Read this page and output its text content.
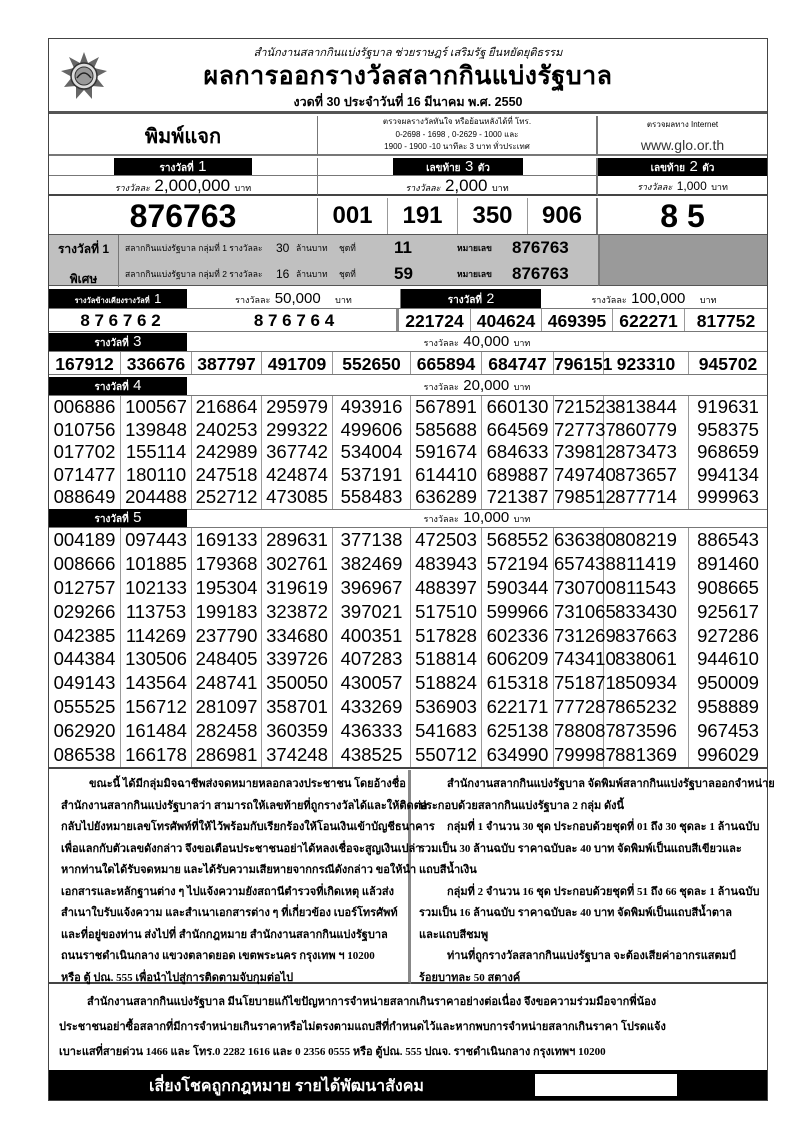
สำนักงานสลากกินแบ่งรัฐบาล ช่วยราษฎร์ เสริมรัฐ ยืนหยัดยุติธรรม
ผลการออกรางวัลสลากกินแบ่งรัฐบาล
งวดที่ 30 ประจำวันที่ 16 มีนาคม พ.ศ. 2550
พิมพ์แจก
ตรวจผลรางวัลทันใจ หรือย้อนหลังได้ที่ โทร.
0-2698 - 1698 , 0-2629 - 1000 และ
1900 - 1900 -10 นาทีละ 3 บาท ทั่วประเทศ
ตรวจผลทาง Internet
www.glo.or.th
รางวัลที่ 1	เลขท้าย 3 ตัว	เลขท้าย 2 ตัว
รางวัลละ 2,000,000 บาท	รางวัลละ 2,000 บาท	รางวัลละ 1,000 บาท
876763	001	191	350	906	8 5
รางวัลที่ 1
พิเศษ
สลากกินแบ่งรัฐบาล กลุ่มที่ 1 รางวัลละ 30 ล้านบาท ชุดที่ 11	หมายเลข 876763
สลากกินแบ่งรัฐบาล กลุ่มที่ 2 รางวัลละ 16 ล้านบาท ชุดที่ 59	หมายเลข 876763
รางวัลข้างเคียงรางวัลที่ 1	รางวัลละ 50,000 บาท	รางวัลที่ 2	รางวัลละ 100,000 บาท
8 7 6 7 6 2	8 7 6 7 6 4	221724 404624 469395 622271	817752
รางวัลที่ 3	รางวัลละ 40,000 บาท
167912 336676 387797 491709 552650 665894 684747 796151 923310	945702
รางวัลที่ 4	รางวัลละ 20,000 บาท
006886 100567 216864 295979 493916 567891 660130 721523 813844	919631
010756 139848 240253 299322 499606 585688 664569 727737 860779	958375
017702 155114 242989 367742 534004 591674 684633 739812 873473	968659
071477 180110 247518 424874 537191 614410 689887 749740 873657	994134
088649 204488 252712 473085 558483 636289 721387 798512 877714	999963
รางวัลที่ 5	รางวัลละ 10,000 บาท
004189 097443 169133 289631 377138 472503 568552 636380 808219	886543
008666 101885 179368 302761 382469 483943 572194 657438 811419	891460
012757 102133 195304 319619 396967 488397 590344 730700 811543	908665
029266 113753 199183 323872 397021 517510 599966 731065 833430	925617
042385 114269 237790 334680 400351 517828 602336 731269 837663	927286
044384 130506 248405 339726 407283 518814 606209 743410 838061	944610
049143 143564 248741 350050 430057 518824 615318 751871 850934	950009
055525 156712 281097 358701 433269 536903 622171 777287 865232	958889
062920 161484 282458 360359 436333 541683 625138 788087 873596	967453
086538 166178 286981 374248 438525 550712 634990 799987 881369	996029

ขณะนี้ ได้มีกลุ่มมิจฉาชีพส่งจดหมายหลอกลวงประชาชน โดยอ้างชื่อ

สำนักงานสลากกินแบ่งรัฐบาลว่า สามารถให้เลขท้ายที่ถูกรางวัลได้และให้ติดต่อ

กลับไปยังหมายเลขโทรศัพท์ที่ให้ไว้พร้อมกับเรียกร้องให้โอนเงินเข้าบัญชีธนาคาร

เพื่อแลกกับตัวเลขดังกล่าว จึงขอเตือนประชาชนอย่าได้หลงเชื่อจะสูญเงินเปล่า

หากท่านใดได้รับจดหมาย และได้รับความเสียหายจากกรณีดังกล่าว ขอให้นำ

เอกสารและหลักฐานต่าง ๆ ไปแจ้งความยังสถานีตำรวจที่เกิดเหตุ แล้วส่ง

สำเนาใบรับแจ้งความ และสำเนาเอกสารต่าง ๆ ที่เกี่ยวข้อง เบอร์โทรศัพท์

และที่อยู่ของท่าน ส่งไปที่ สำนักกฎหมาย สำนักงานสลากกินแบ่งรัฐบาล

ถนนราชดำเนินกลาง แขวงตลาดยอด เขตพระนคร กรุงเทพ ฯ 10200

หรือ ตู้ ปณ. 555 เพื่อนำไปสู่การติดตามจับกุมต่อไป

สำนักงานสลากกินแบ่งรัฐบาล จัดพิมพ์สลากกินแบ่งรัฐบาลออกจำหน่าย

ประกอบด้วยสลากกินแบ่งรัฐบาล 2 กลุ่ม ดังนี้

กลุ่มที่ 1 จำนวน 30 ชุด ประกอบด้วยชุดที่ 01 ถึง 30 ชุดละ 1 ล้านฉบับ

รวมเป็น 30 ล้านฉบับ ราคาฉบับละ 40 บาท จัดพิมพ์เป็นแถบสีเขียวและ

แถบสีน้ำเงิน

กลุ่มที่ 2 จำนวน 16 ชุด ประกอบด้วยชุดที่ 51 ถึง 66 ชุดละ 1 ล้านฉบับ

รวมเป็น 16 ล้านฉบับ ราคาฉบับละ 40 บาท จัดพิมพ์เป็นแถบสีน้ำตาล

และแถบสีชมพู

ท่านที่ถูกรางวัลสลากกินแบ่งรัฐบาล จะต้องเสียค่าอากรแสตมป์

ร้อยบาทละ 50 สตางค์

สำนักงานสลากกินแบ่งรัฐบาล มีนโยบายแก้ไขปัญหาการจำหน่ายสลากเกินราคาอย่างต่อเนื่อง จึงขอความร่วมมือจากพี่น้อง

ประชาชนอย่าซื้อสลากที่มีการจำหน่ายเกินราคาหรือไม่ตรงตามแถบสีที่กำหนดไว้และหากพบการจำหน่ายสลากเกินราคา โปรดแจ้ง

เบาะแสที่สายด่วน 1466 และ โทร.0 2282 1616 และ 0 2356 0555 หรือ ตู้ปณ. 555 ปณจ. ราชดำเนินกลาง กรุงเทพฯ 10200

เสี่ยงโชคถูกกฎหมาย รายได้พัฒนาสังคม
